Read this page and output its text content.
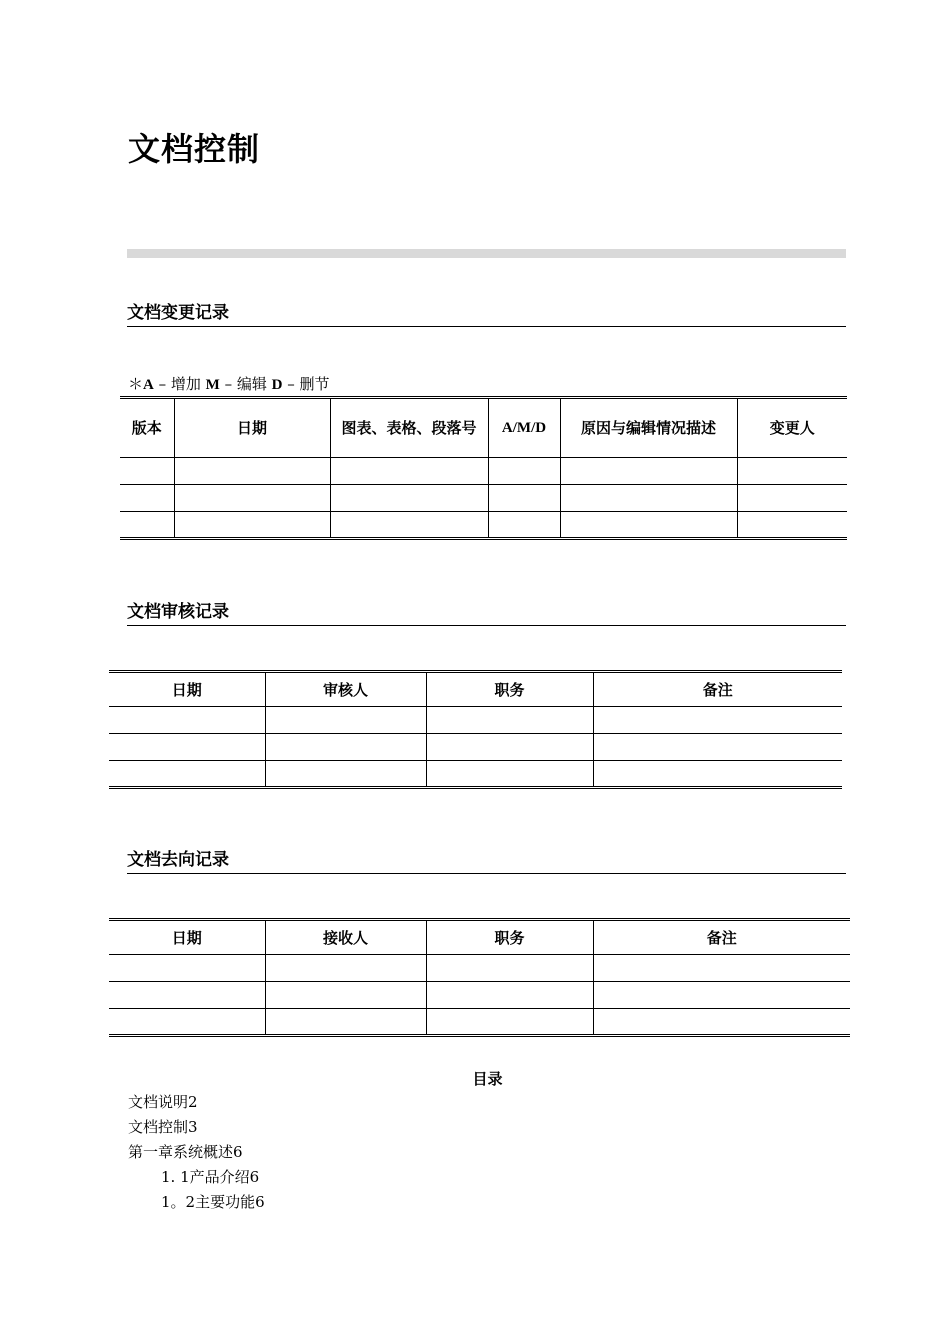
文档控制
文档变更记录
＊A – 增加 M – 编辑 D – 删节
版本	日期	图表、表格、段落号	A/M/D	原因与编辑情况描述	变更人

文档审核记录
日期	审核人	职务	备注

文档去向记录
日期	接收人	职务	备注

目录
文档说明2
文档控制3
第一章系统概述6
1. 1产品介绍6
1。2主要功能6
